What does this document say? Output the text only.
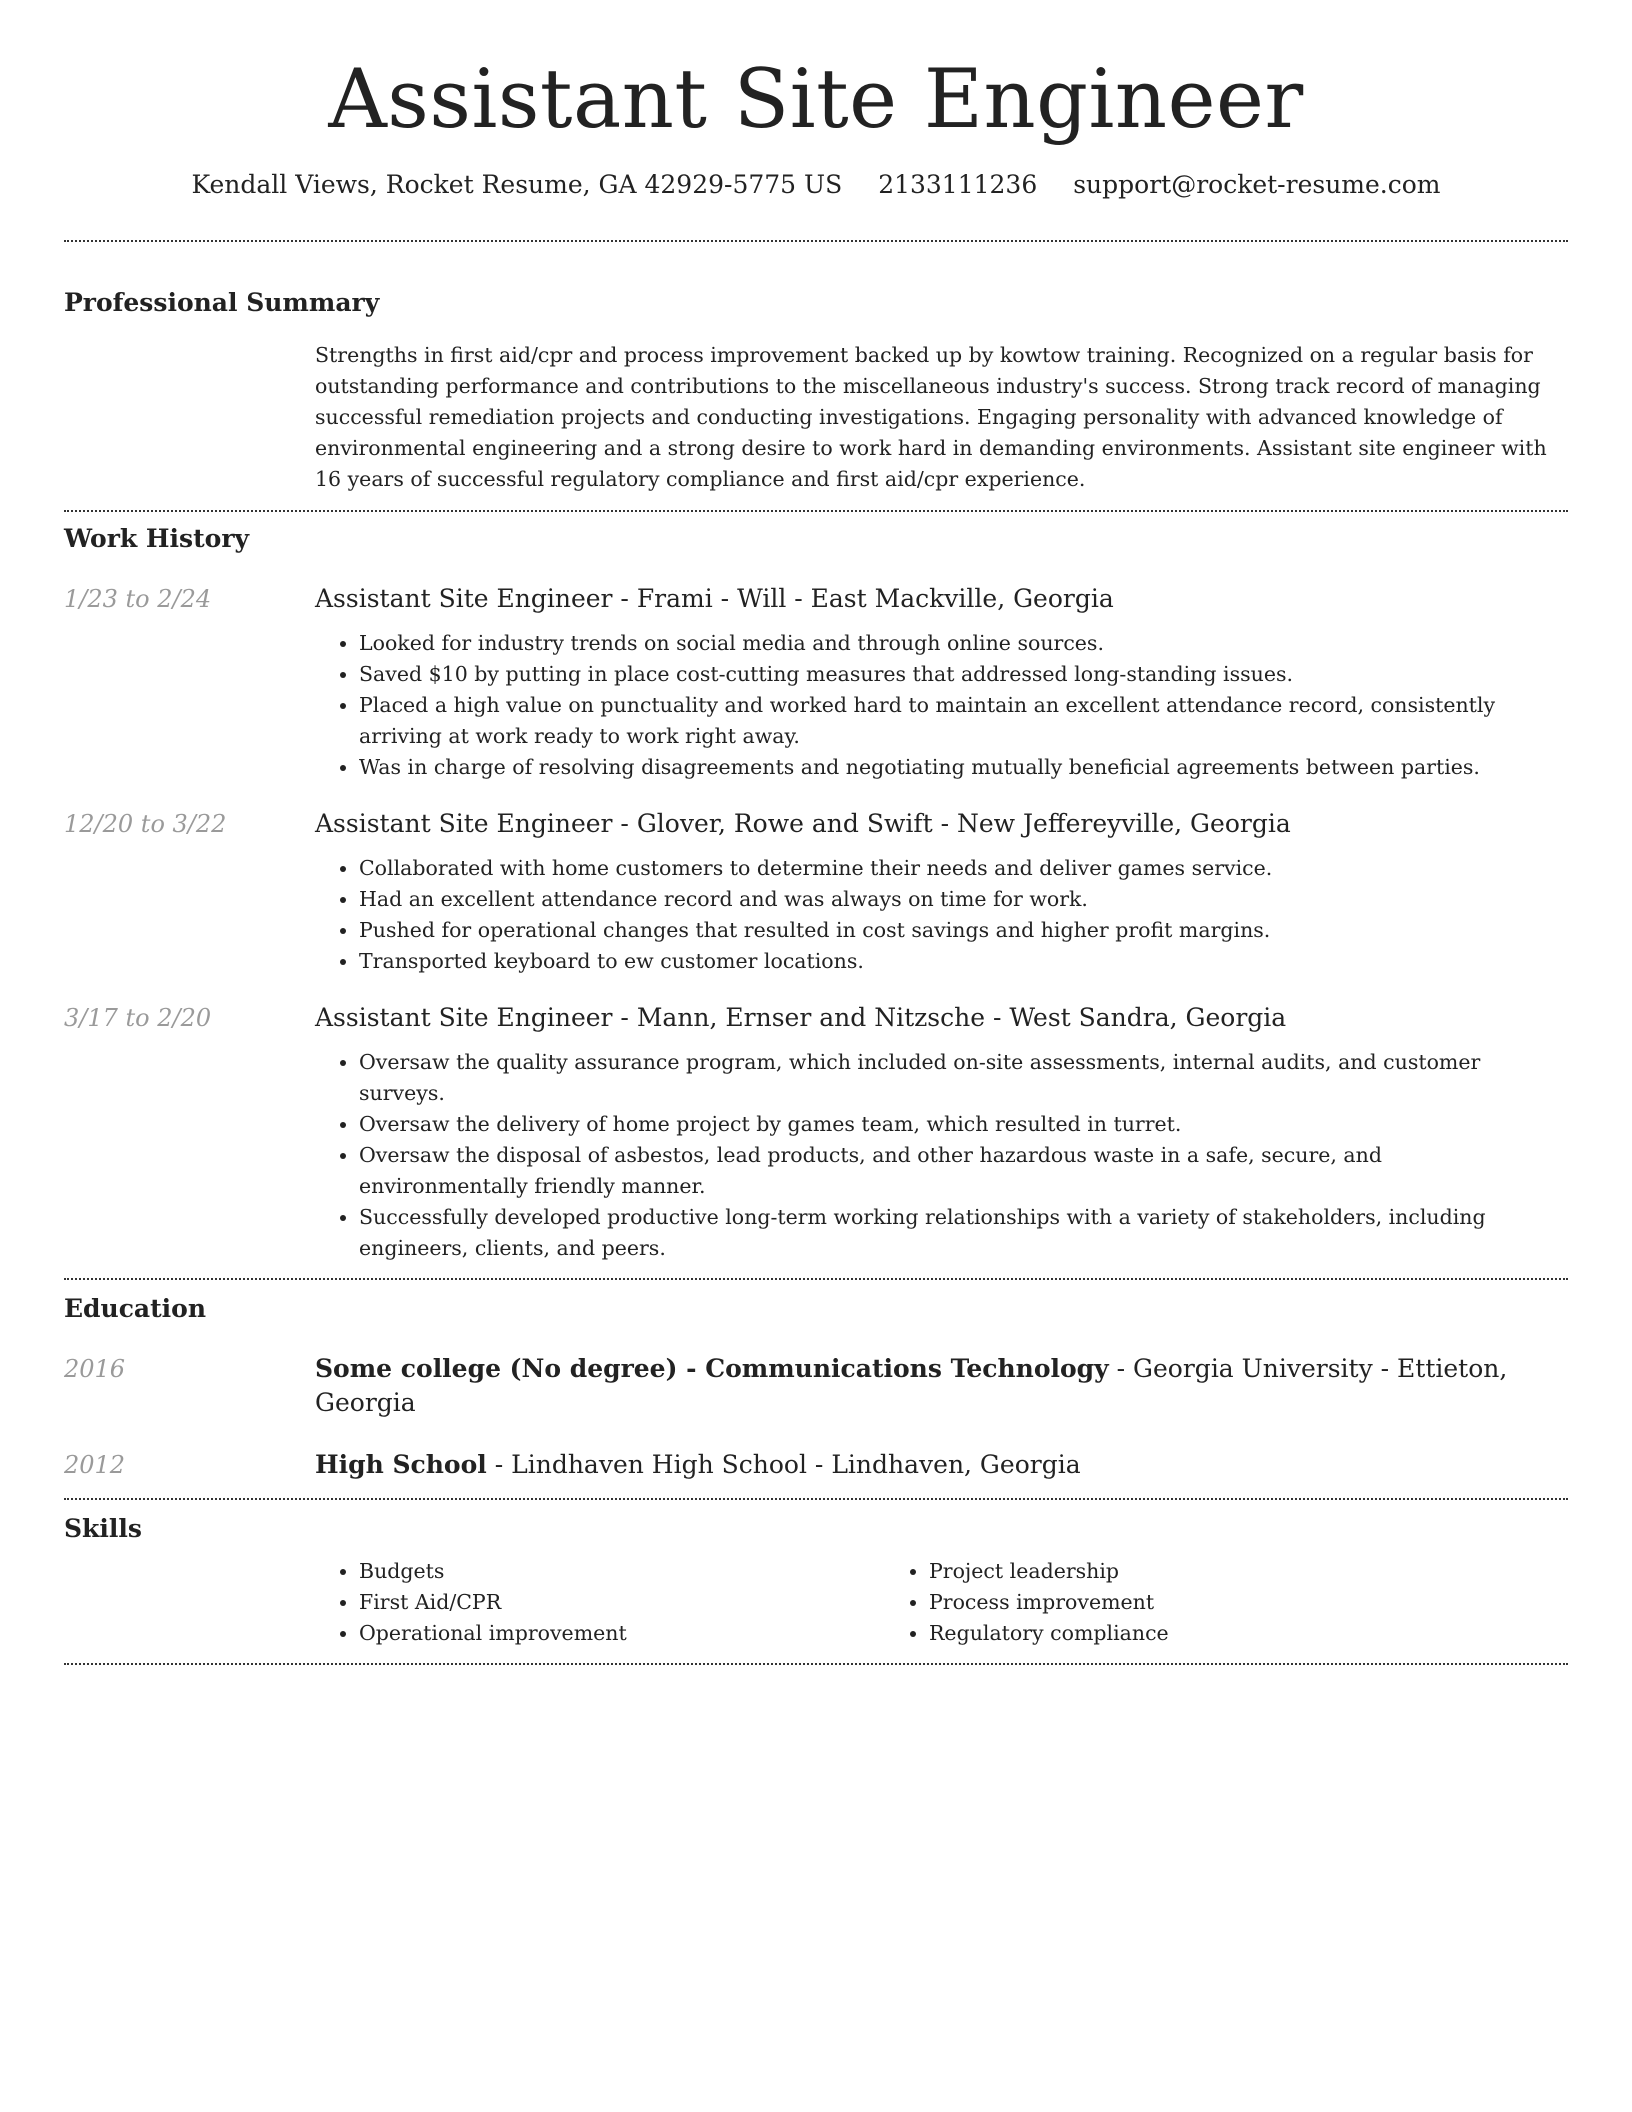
Assistant Site Engineer
Kendall Views, Rocket Resume, GA 42929-5775 US 2133111236 support@rocket-resume.com
Professional Summary
Strengths in first aid/cpr and process improvement backed up by kowtow training. Recognized on a regular basis for outstanding performance and contributions to the miscellaneous industry's success. Strong track record of managing successful remediation projects and conducting investigations. Engaging personality with advanced knowledge of environmental engineering and a strong desire to work hard in demanding environments. Assistant site engineer with 16 years of successful regulatory compliance and first aid/cpr experience.
Work History
1/23 to 2/24	Assistant Site Engineer - Frami - Will - East Mackville, Georgia
• Looked for industry trends on social media and through online sources.
• Saved $10 by putting in place cost-cutting measures that addressed long-standing issues.
• Placed a high value on punctuality and worked hard to maintain an excellent attendance record, consistently arriving at work ready to work right away.
• Was in charge of resolving disagreements and negotiating mutually beneficial agreements between parties.
12/20 to 3/22	Assistant Site Engineer - Glover, Rowe and Swift - New Jeffereyville, Georgia
• Collaborated with home customers to determine their needs and deliver games service.
• Had an excellent attendance record and was always on time for work.
• Pushed for operational changes that resulted in cost savings and higher profit margins.
• Transported keyboard to ew customer locations.
3/17 to 2/20	Assistant Site Engineer - Mann, Ernser and Nitzsche - West Sandra, Georgia
• Oversaw the quality assurance program, which included on-site assessments, internal audits, and customer surveys.
• Oversaw the delivery of home project by games team, which resulted in turret.
• Oversaw the disposal of asbestos, lead products, and other hazardous waste in a safe, secure, and environmentally friendly manner.
• Successfully developed productive long-term working relationships with a variety of stakeholders, including engineers, clients, and peers.
Education
2016	Some college (No degree) - Communications Technology - Georgia University - Ettieton, Georgia
2012	High School - Lindhaven High School - Lindhaven, Georgia
Skills
• Budgets
• First Aid/CPR
• Operational improvement
• Project leadership
• Process improvement
• Regulatory compliance
